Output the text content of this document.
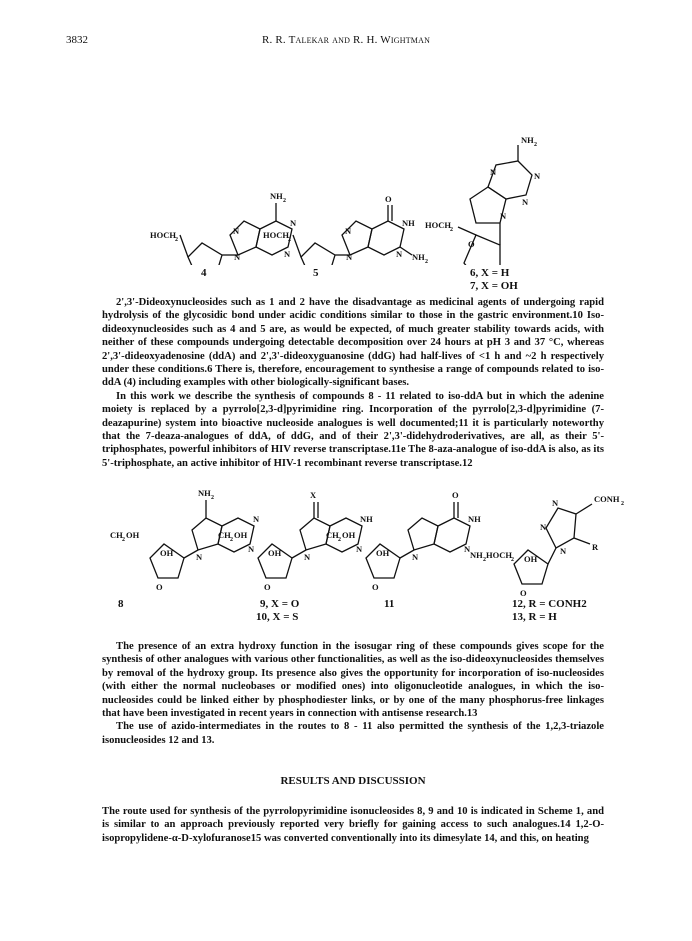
3832	R. R. Talekar and R. H. Wightman
HOCH 2
N
N
N
N
NH 2
HOCH 2
N
N
NH
N
O
NH 2
NH 2
N	N
N
N
HOCH 2
O
4	5	6, X = H
7, X = OH

2',3'-Dideoxynucleosides such as 1 and 2 have the disadvantage as medicinal agents of undergoing rapid hydrolysis of the glycosidic bond under acidic conditions similar to those in the gastric environment.10 Iso-dideoxynucleosides such as 4 and 5 are, as would be expected, of much greater stability towards acids, with neither of these compounds undergoing detectable decomposition over 24 hours at pH 3 and 37 °C, whereas 2',3'-dideoxyadenosine (ddA) and 2',3'-dideoxyguanosine (ddG) had half-lives of <1 h and ~2 h respectively under these conditions.6 There is, therefore, encouragement to synthesise a range of compounds related to iso-ddA (4) including examples with other biologically-significant bases.

In this work we describe the synthesis of compounds 8 - 11 related to iso-ddA but in which the adenine moiety is replaced by a pyrrolo[2,3-d]pyrimidine ring. Incorporation of the pyrrolo[2,3-d]pyrimidine (7-deazapurine) system into bioactive nucleoside analogues is well documented;11 it is particularly noteworthy that the 7-deaza-analogues of ddA, of ddG, and of their 2',3'-didehydroderivatives, are all, as their 5'-triphosphates, powerful inhibitors of HIV reverse transcriptase.11e The 8-aza-analogue of iso-ddA is also, as its 5'-triphosphate, an active inhibitor of HIV-1 recombinant reverse transcriptase.12

NH 2
N
N
N
CH 2 OH
OH
O
X
NH
N
N
CH 2 OH
OH
O
O
NH
N
N	NH 2
CH 2 OH
OH
O
N
N
N
CONH 2
R
HOCH 2 OH
O
8	9, X = O
10, X = S
11	12, R = CONH2
13, R = H

The presence of an extra hydroxy function in the isosugar ring of these compounds gives scope for the synthesis of other analogues with various other functionalities, as well as the iso-dideoxynucleosides themselves by removal of the hydroxy group. Its presence also gives the opportunity for incorporation of iso-nucleosides (with either the normal nucleobases or modified ones) into oligonucleotide analogues, in which the iso-nucleosides could be linked either by phosphodiester links, or by one of the many phosphorus-free linkages that have been investigated in recent years in connection with antisense research.13

The use of azido-intermediates in the routes to 8 - 11 also permitted the synthesis of the 1,2,3-triazole isonucleosides 12 and 13.

RESULTS AND DISCUSSION

The route used for synthesis of the pyrrolopyrimidine isonucleosides 8, 9 and 10 is indicated in Scheme 1, and is similar to an approach previously reported very briefly for gaining access to such analogues.14 1,2-O-isopropylidene-α-D-xylofuranose15 was converted conventionally into its dimesylate 14, and this, on heating
